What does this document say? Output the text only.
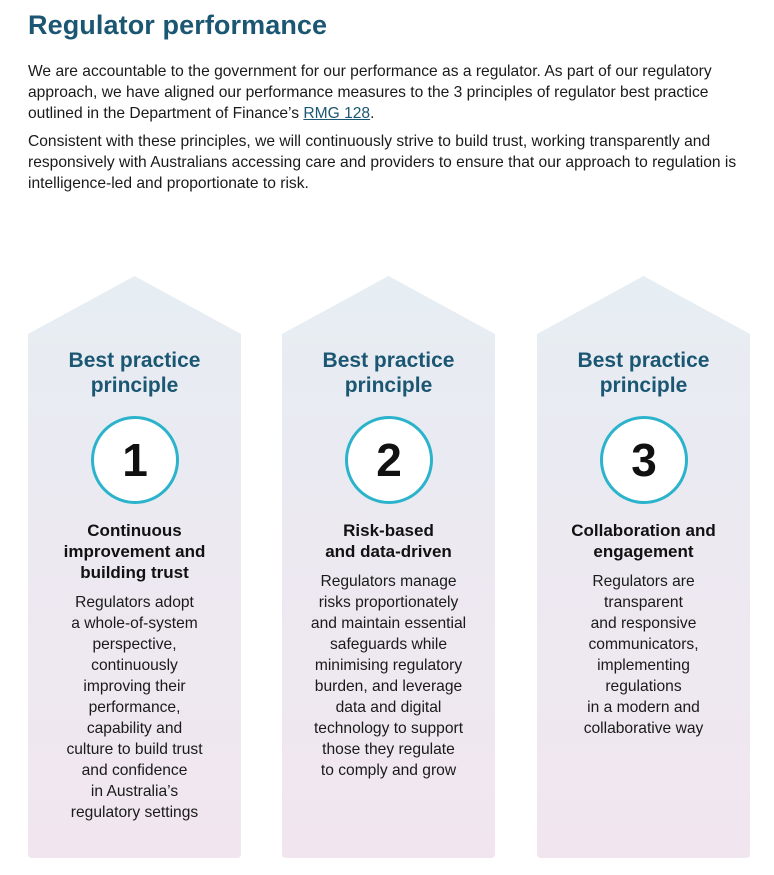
Regulator performance

We are accountable to the government for our performance as a regulator. As part of our regulatory approach, we have aligned our performance measures to the 3 principles of regulator best practice outlined in the Department of Finance’s RMG 128.

Consistent with these principles, we will continuously strive to build trust, working transparently and responsively with Australians accessing care and providers to ensure that our approach to regulation is intelligence-led and proportionate to risk.

Best practice
principle
1
Continuous
improvement and
building trust
Regulators adopt
a whole-of-system
perspective,
continuously
improving their
performance,
capability and
culture to build trust
and confidence
in Australia’s
regulatory settings
Best practice
principle
2
Risk-based
and data-driven
Regulators manage
risks proportionately
and maintain essential
safeguards while
minimising regulatory
burden, and leverage
data and digital
technology to support
those they regulate
to comply and grow
Best practice
principle
3
Collaboration and
engagement
Regulators are
transparent
and responsive
communicators,
implementing
regulations
in a modern and
collaborative way
